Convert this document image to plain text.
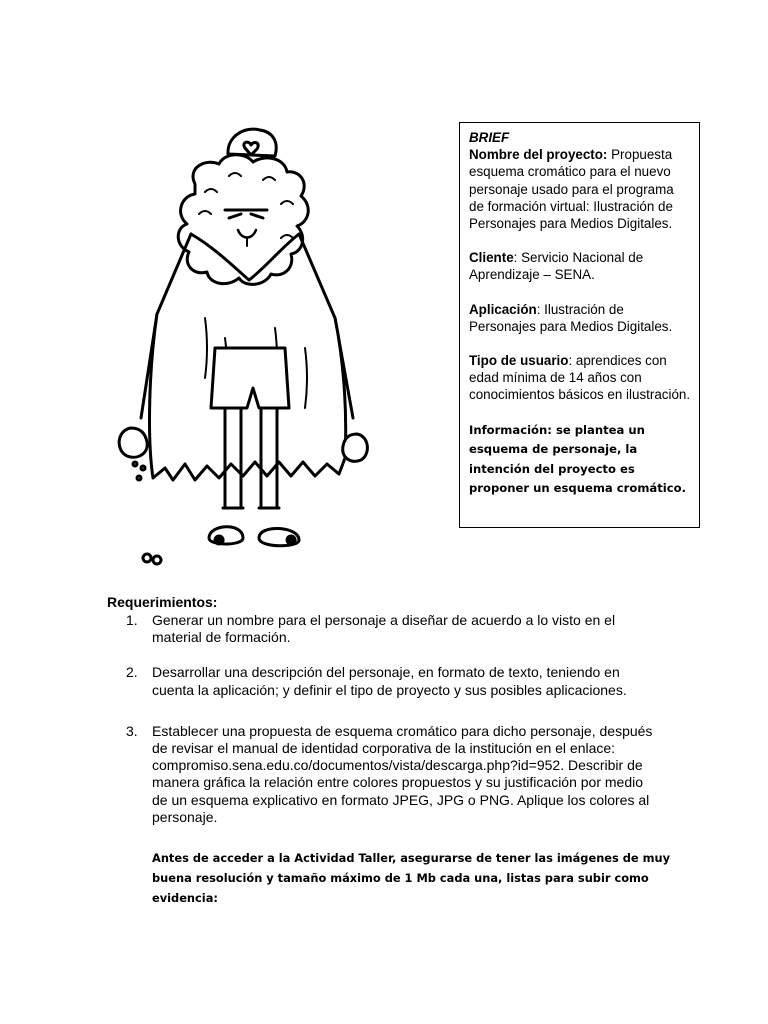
BRIEF

Nombre del proyecto: Propuesta esquema cromático para el nuevo personaje usado para el programa de formación virtual: Ilustración de Personajes para Medios Digitales.

Cliente: Servicio Nacional de Aprendizaje – SENA.

Aplicación: Ilustración de Personajes para Medios Digitales.

Tipo de usuario: aprendices con edad mínima de 14 años con conocimientos básicos en ilustración.

Información: se plantea un esquema de personaje, la intención del proyecto es proponer un esquema cromático.

Requerimientos:
1. Generar un nombre para el personaje a diseñar de acuerdo a lo visto en el material de formación.
2. Desarrollar una descripción del personaje, en formato de texto, teniendo en cuenta la aplicación; y definir el tipo de proyecto y sus posibles aplicaciones.
3. Establecer una propuesta de esquema cromático para dicho personaje, después de revisar el manual de identidad corporativa de la institución en el enlace: compromiso.sena.edu.co/documentos/vista/descarga.php?id=952. Describir de manera gráfica la relación entre colores propuestos y su justificación por medio de un esquema explicativo en formato JPEG, JPG o PNG. Aplique los colores al personaje.
Antes de acceder a la Actividad Taller, asegurarse de tener las imágenes de muy buena resolución y tamaño máximo de 1 Mb cada una, listas para subir como evidencia:
